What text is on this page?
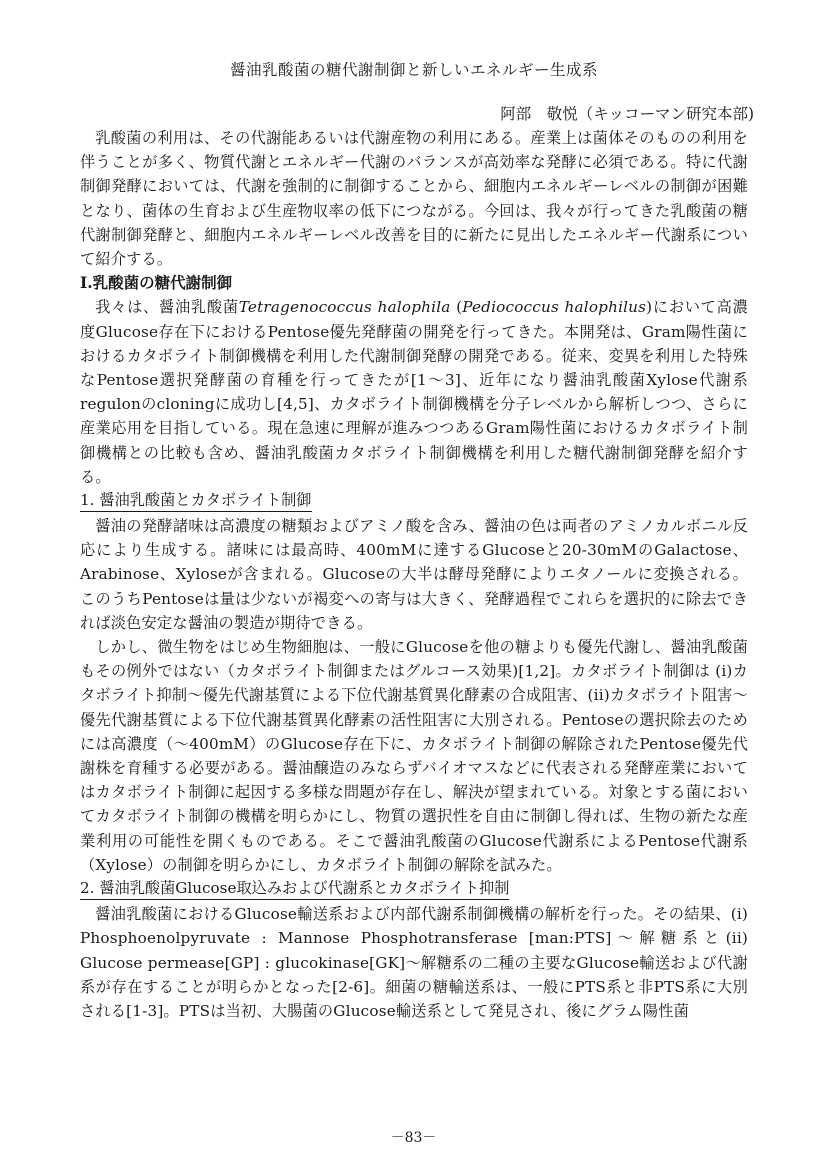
醤油乳酸菌の糖代謝制御と新しいエネルギー生成系

阿部　敬悦（キッコーマン研究本部)

乳酸菌の利用は、その代謝能あるいは代謝産物の利用にある。産業上は菌体そのものの利用を伴うことが多く、物質代謝とエネルギー代謝のバランスが高効率な発酵に必須である。特に代謝制御発酵においては、代謝を強制的に制御することから、細胞内エネルギーレベルの制御が困難となり、菌体の生育および生産物収率の低下につながる。今回は、我々が行ってきた乳酸菌の糖代謝制御発酵と、細胞内エネルギーレベル改善を目的に新たに見出したエネルギー代謝系について紹介する。

I.乳酸菌の糖代謝制御

我々は、醤油乳酸菌Tetragenococcus halophila (Pediococcus halophilus)において高濃度Glucose存在下におけるPentose優先発酵菌の開発を行ってきた。本開発は、Gram陽性菌におけるカタボライト制御機構を利用した代謝制御発酵の開発である。従来、変異を利用した特殊なPentose選択発酵菌の育種を行ってきたが[1～3]、近年になり醤油乳酸菌Xylose代謝系regulonのcloningに成功し[4,5]、カタボライト制御機構を分子レベルから解析しつつ、さらに産業応用を目指している。現在急速に理解が進みつつあるGram陽性菌におけるカタボライト制御機構との比較も含め、醤油乳酸菌カタボライト制御機構を利用した糖代謝制御発酵を紹介する。

1. 醤油乳酸菌とカタボライト制御

醤油の発酵諸味は高濃度の糖類およびアミノ酸を含み、醤油の色は両者のアミノカルボニル反応により生成する。諸味には最高時、400mMに達するGlucoseと20-30mMのGalactose、Arabinose、Xyloseが含まれる。Glucoseの大半は酵母発酵によりエタノールに変換される。このうちPentoseは量は少ないが褐変への寄与は大きく、発酵過程でこれらを選択的に除去できれば淡色安定な醤油の製造が期待できる。

しかし、微生物をはじめ生物細胞は、一般にGlucoseを他の糖よりも優先代謝し、醤油乳酸菌もその例外ではない（カタボライト制御またはグルコース効果)[1,2]。カタボライト制御は (i)カタボライト抑制～優先代謝基質による下位代謝基質異化酵素の合成阻害、(ii)カタボライト阻害～優先代謝基質による下位代謝基質異化酵素の活性阻害に大別される。Pentoseの選択除去のためには高濃度（～400mM）のGlucose存在下に、カタボライト制御の解除されたPentose優先代謝株を育種する必要がある。醤油醸造のみならずバイオマスなどに代表される発酵産業においてはカタボライト制御に起因する多様な問題が存在し、解決が望まれている。対象とする菌においてカタボライト制御の機構を明らかにし、物質の選択性を自由に制御し得れば、生物の新たな産業利用の可能性を開くものである。そこで醤油乳酸菌のGlucose代謝系によるPentose代謝系（Xylose）の制御を明らかにし、カタボライト制御の解除を試みた。

2. 醤油乳酸菌Glucose取込みおよび代謝系とカタボライト抑制

醤油乳酸菌におけるGlucose輸送系および内部代謝系制御機構の解析を行った。その結果、(i) Phosphoenolpyruvate : Mannose Phosphotransferase [man:PTS]～解糖系と(ii) Glucose permease[GP] : glucokinase[GK]～解糖系の二種の主要なGlucose輸送および代謝系が存在することが明らかとなった[2-6]。細菌の糖輸送系は、一般にPTS系と非PTS系に大別される[1-3]。PTSは当初、大腸菌のGlucose輸送系として発見され、後にグラム陽性菌

－83－
